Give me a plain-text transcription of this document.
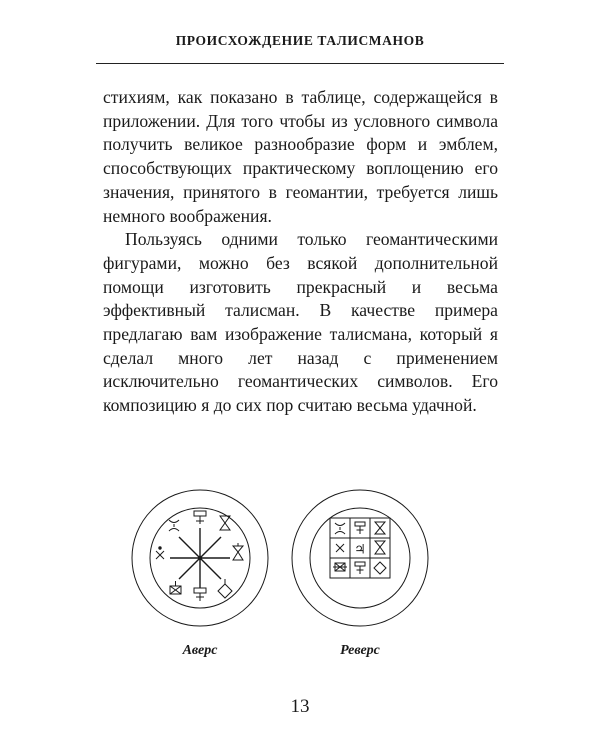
ПРОИСХОЖДЕНИЕ ТАЛИСМАНОВ

стихиям, как показано в таблице, содержащейся в приложении. Для того чтобы из условного символа получить великое разнообразие форм и эмблем, способствующих практическому воплощению его значения, принятого в геомантии, требуется лишь немного воображения.

Пользуясь одними только геомантическими фигурами, можно без всякой дополнительной помощи изготовить прекрасный и весьма эффективный талисман. В качестве примера предлагаю вам изображение талисмана, который я сделал много лет назад с применением исключительно геомантических символов. Его композицию я до сих пор считаю весьма удачной.

♃
Аверс	Реверс
13
